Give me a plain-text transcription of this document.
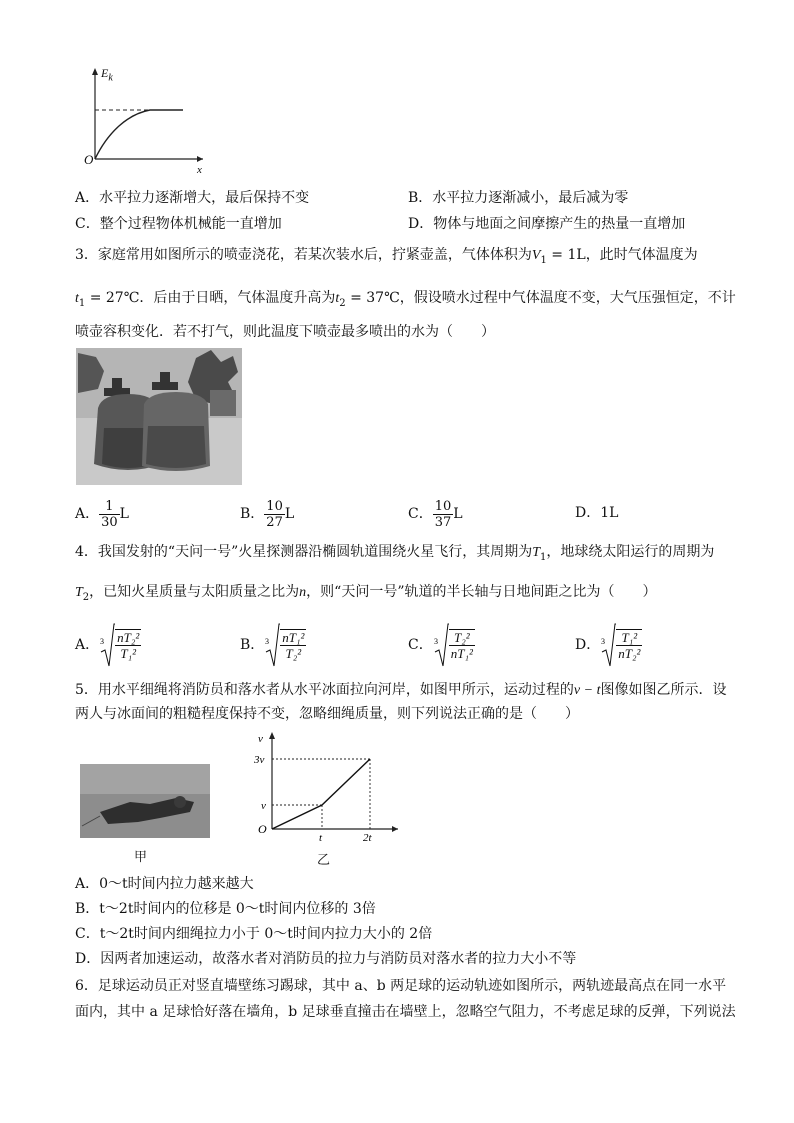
$E_k$
O
x
A．水平拉力逐渐增大，最后保持不变	B．水平拉力逐渐减小，最后减为零
C．整个过程物体机械能一直增加	D．物体与地面之间摩擦产生的热量一直增加
3．家庭常用如图所示的喷壶浇花，若某次装水后，拧紧壶盖，气体体积为$V_1 = 1L$，此时气体温度为
$t_1$ = 27℃．后由于日晒，气体温度升高为$t_2$ = 37℃，假设喷水过程中气体温度不变，大气压强恒定，不计
喷壶容积变化．若不打气，则此温度下喷壶最多喷出的水为（　　）
A． $\frac{1}{30}$ L	B． $\frac{10}{27}$ L	C． $\frac{10}{37}$ L	D．1L
4．我国发射的“天问一号”火星探测器沿椭圆轨道围绕火星飞行，其周期为$T_1$，地球绕太阳运行的周期为
$T_2$，已知火星质量与太阳质量之比为n，则“天问一号”轨道的半长轴与日地间距之比为（　　）
A． $3 \frac{\text{nT₂²}}{\text{T₁²}}$	B． $3 \frac{\text{nT₁²}}{\text{T₂²}}$	C． $3 \frac{\text{T₂²}}{\text{nT₁²}}$	D． $3 \frac{\text{T₁²}}{\text{nT₂²}}$
5．用水平细绳将消防员和落水者从水平冰面拉向河岸，如图甲所示，运动过程的v − t图像如图乙所示．设
两人与冰面间的粗糙程度保持不变，忽略细绳质量，则下列说法正确的是（　　）
甲
v
3v
v
O
t	2t
乙
A．0～t时间内拉力越来越大
B．t～2t时间内的位移是 0～t时间内位移的 3倍
C．t～2t时间内细绳拉力小于 0～t时间内拉力大小的 2倍
D．因两者加速运动，故落水者对消防员的拉力与消防员对落水者的拉力大小不等
6．足球运动员正对竖直墙壁练习踢球，其中 a、b 两足球的运动轨迹如图所示，两轨迹最高点在同一水平
面内，其中 a 足球恰好落在墙角，b 足球垂直撞击在墙壁上，忽略空气阻力，不考虑足球的反弹，下列说法
